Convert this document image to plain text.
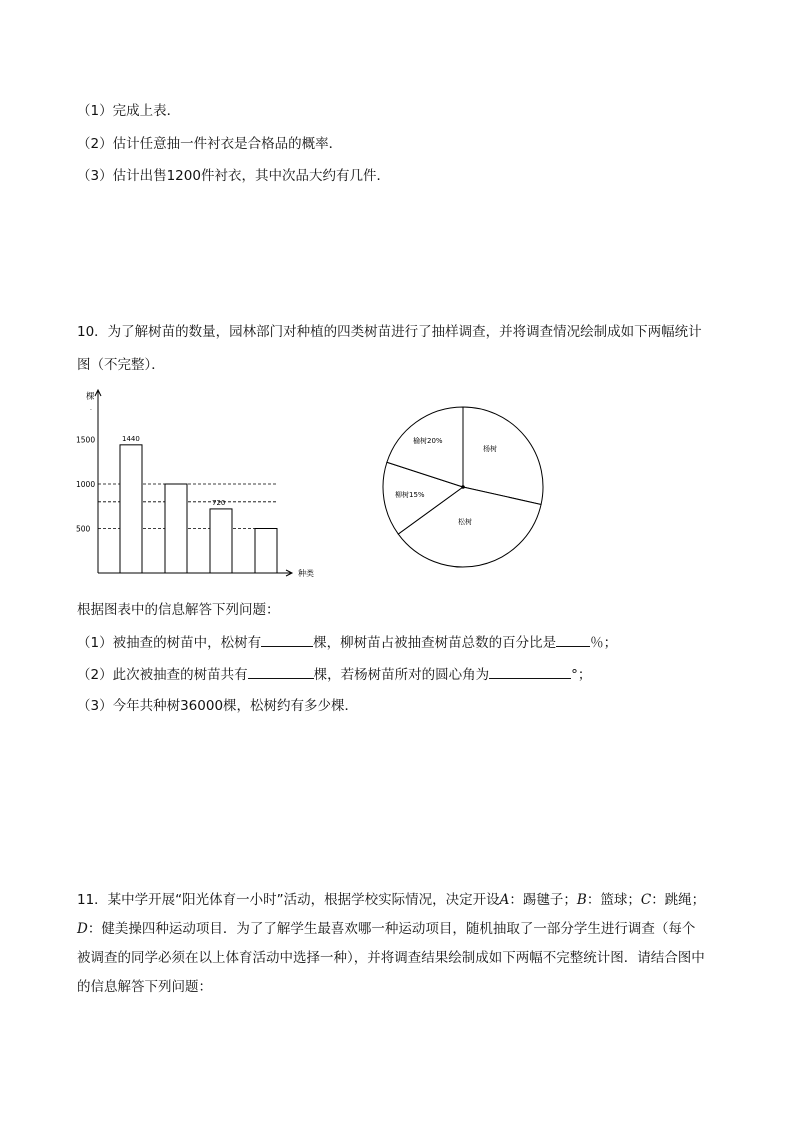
（1）完成上表．
（2）估计任意抽一件衬衣是合格品的概率．
（3）估计出售1200件衬衣，其中次品大约有几件．
10．为了解树苗的数量，园林部门对种植的四类树苗进行了抽样调查，并将调查情况绘制成如下两幅统计
图（不完整）．
棵
.
种类
1500
1000
500
1440
720
杨树
松树
柳树15%
榆树20%
根据图表中的信息解答下列问题：
（1）被抽查的树苗中，松树有	棵，柳树苗占被抽查树苗总数的百分比是	％；
（2）此次被抽查的树苗共有	棵，若杨树苗所对的圆心角为	°；
（3）今年共种树36000棵，松树约有多少棵．
11．某中学开展“阳光体育一小时”活动，根据学校实际情况，决定开设A：踢毽子；B：篮球；C：跳绳；
D：健美操四种运动项目．为了了解学生最喜欢哪一种运动项目，随机抽取了一部分学生进行调查（每个
被调查的同学必须在以上体育活动中选择一种），并将调查结果绘制成如下两幅不完整统计图．请结合图中
的信息解答下列问题：
